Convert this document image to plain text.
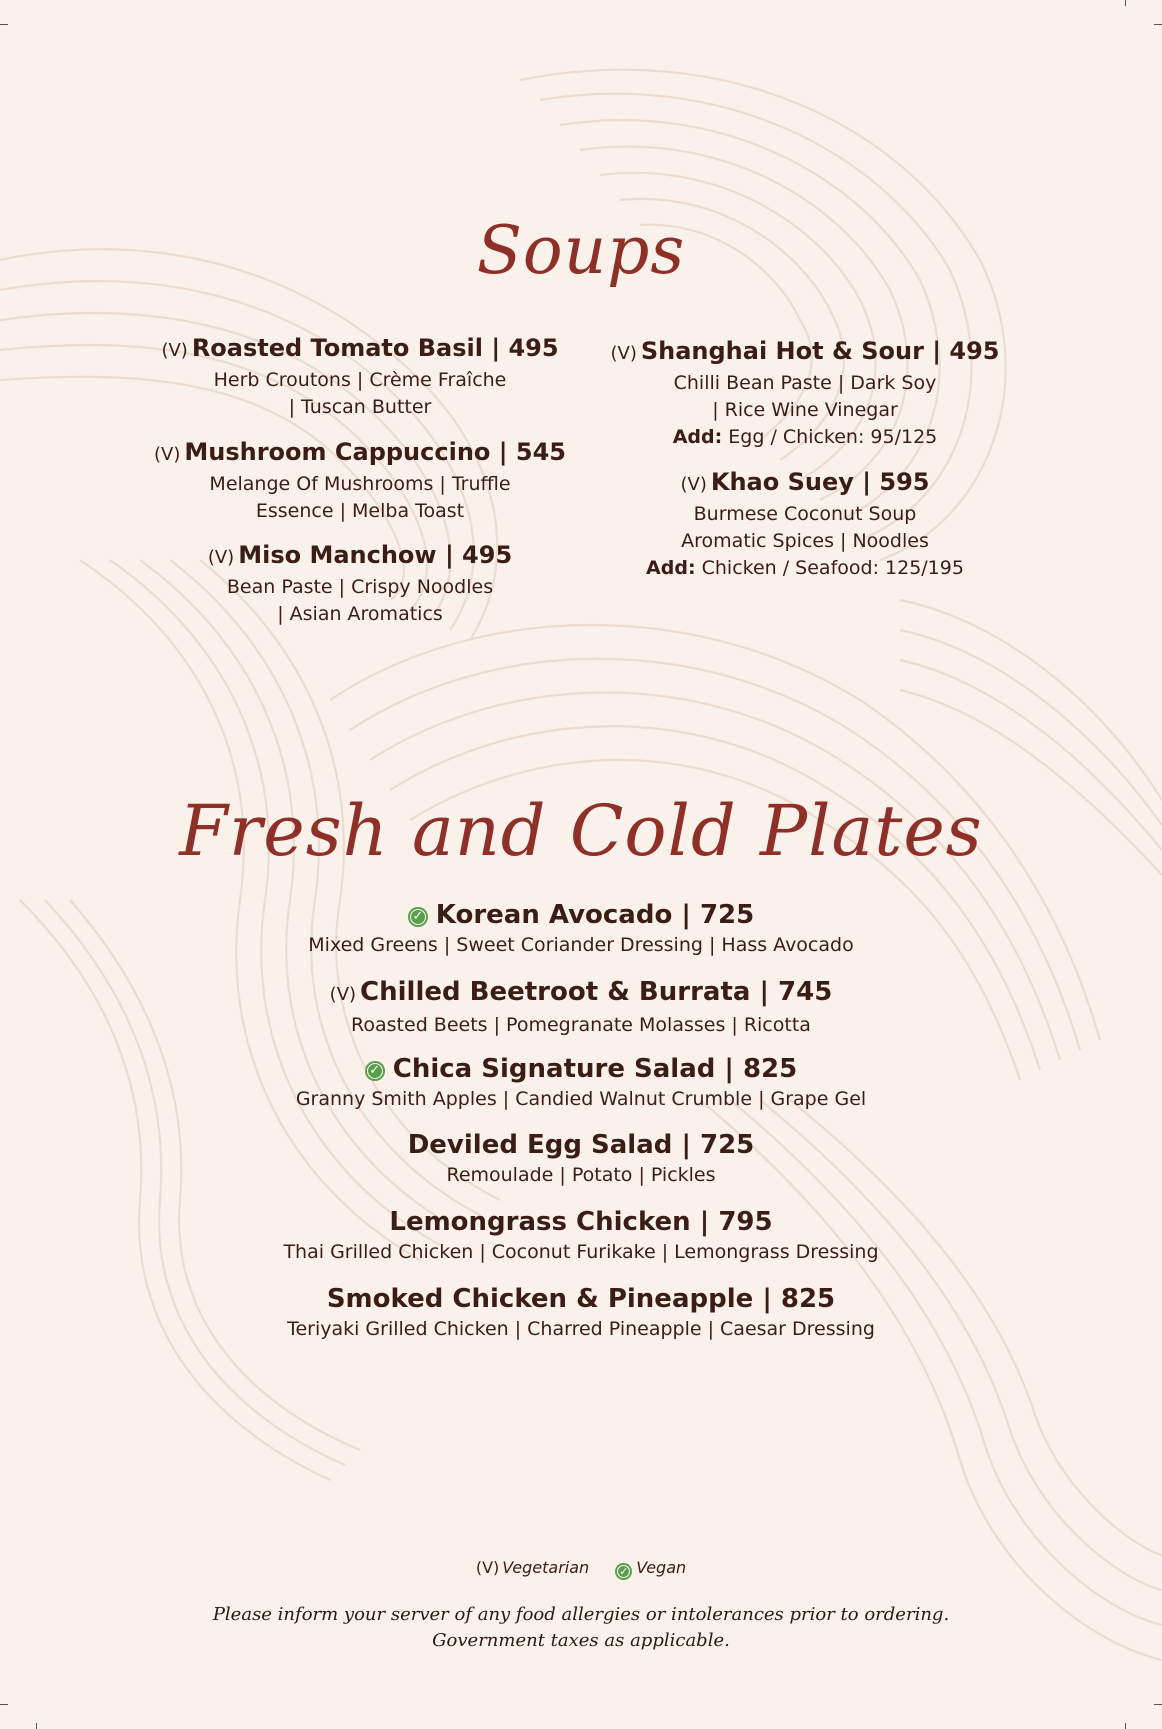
Soups
(V) Roasted Tomato Basil | 495
Herb Croutons | Crème Fraîche
| Tuscan Butter
(V) Mushroom Cappuccino | 545
Melange Of Mushrooms | Truffle
Essence | Melba Toast
(V) Miso Manchow | 495
Bean Paste | Crispy Noodles
| Asian Aromatics
(V) Shanghai Hot & Sour | 495
Chilli Bean Paste | Dark Soy
| Rice Wine Vinegar
Add: Egg / Chicken: 95/125
(V) Khao Suey | 595
Burmese Coconut Soup
Aromatic Spices | Noodles
Add: Chicken / Seafood: 125/195
Fresh and Cold Plates
✓ Korean Avocado | 725
Mixed Greens | Sweet Coriander Dressing | Hass Avocado
(V) Chilled Beetroot & Burrata | 745
Roasted Beets | Pomegranate Molasses | Ricotta
✓ Chica Signature Salad | 825
Granny Smith Apples | Candied Walnut Crumble | Grape Gel
Deviled Egg Salad | 725
Remoulade | Potato | Pickles
Lemongrass Chicken | 795
Thai Grilled Chicken | Coconut Furikake | Lemongrass Dressing
Smoked Chicken & Pineapple | 825
Teriyaki Grilled Chicken | Charred Pineapple | Caesar Dressing
(V) Vegetarian	✓ Vegan
Please inform your server of any food allergies or intolerances prior to ordering.
Government taxes as applicable.
